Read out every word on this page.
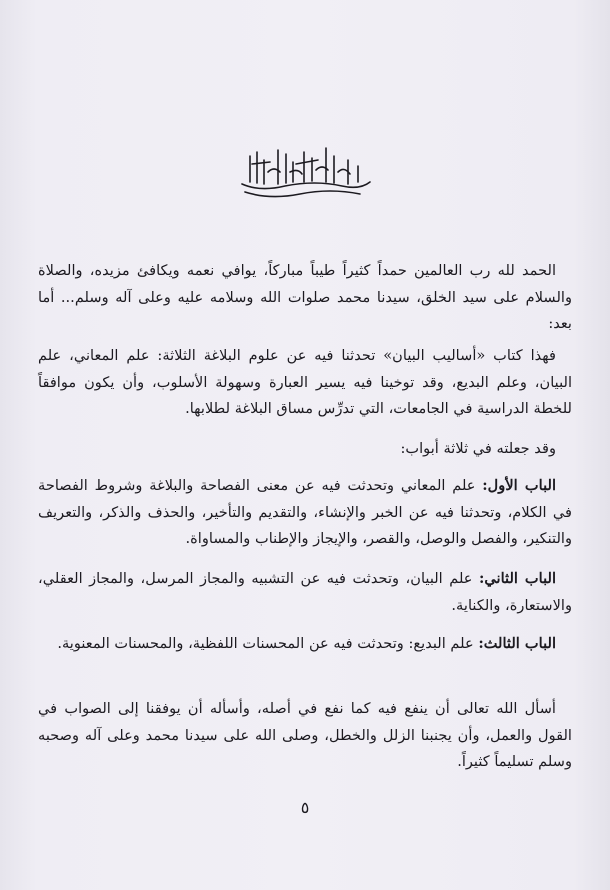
الحمد لله رب العالمين حمداً كثيراً طيباً مباركاً، يوافي نعمه ويكافئ مزيده، والصلاة والسلام على سيد الخلق، سيدنا محمد صلوات الله وسلامه عليه وعلى آله وسلم... أما بعد:
فهذا كتاب «أساليب البيان» تحدثنا فيه عن علوم البلاغة الثلاثة: علم المعاني، علم البيان، وعلم البديع، وقد توخينا فيه يسير العبارة وسهولة الأسلوب، وأن يكون موافقاً للخطة الدراسية في الجامعات، التي تدرِّس مساق البلاغة لطلابها.
وقد جعلته في ثلاثة أبواب:
الباب الأول: علم المعاني وتحدثت فيه عن معنى الفصاحة والبلاغة وشروط الفصاحة في الكلام، وتحدثنا فيه عن الخبر والإنشاء، والتقديم والتأخير، والحذف والذكر، والتعريف والتنكير، والفصل والوصل، والقصر، والإيجاز والإطناب والمساواة.
الباب الثاني: علم البيان، وتحدثت فيه عن التشبيه والمجاز المرسل، والمجاز العقلي، والاستعارة، والكناية.
الباب الثالث: علم البديع: وتحدثت فيه عن المحسنات اللفظية، والمحسنات المعنوية.
أسأل الله تعالى أن ينفع فيه كما نفع في أصله، وأسأله أن يوفقنا إلى الصواب في القول والعمل، وأن يجنبنا الزلل والخطل، وصلى الله على سيدنا محمد وعلى آله وصحبه وسلم تسليماً كثيراً.
٥
